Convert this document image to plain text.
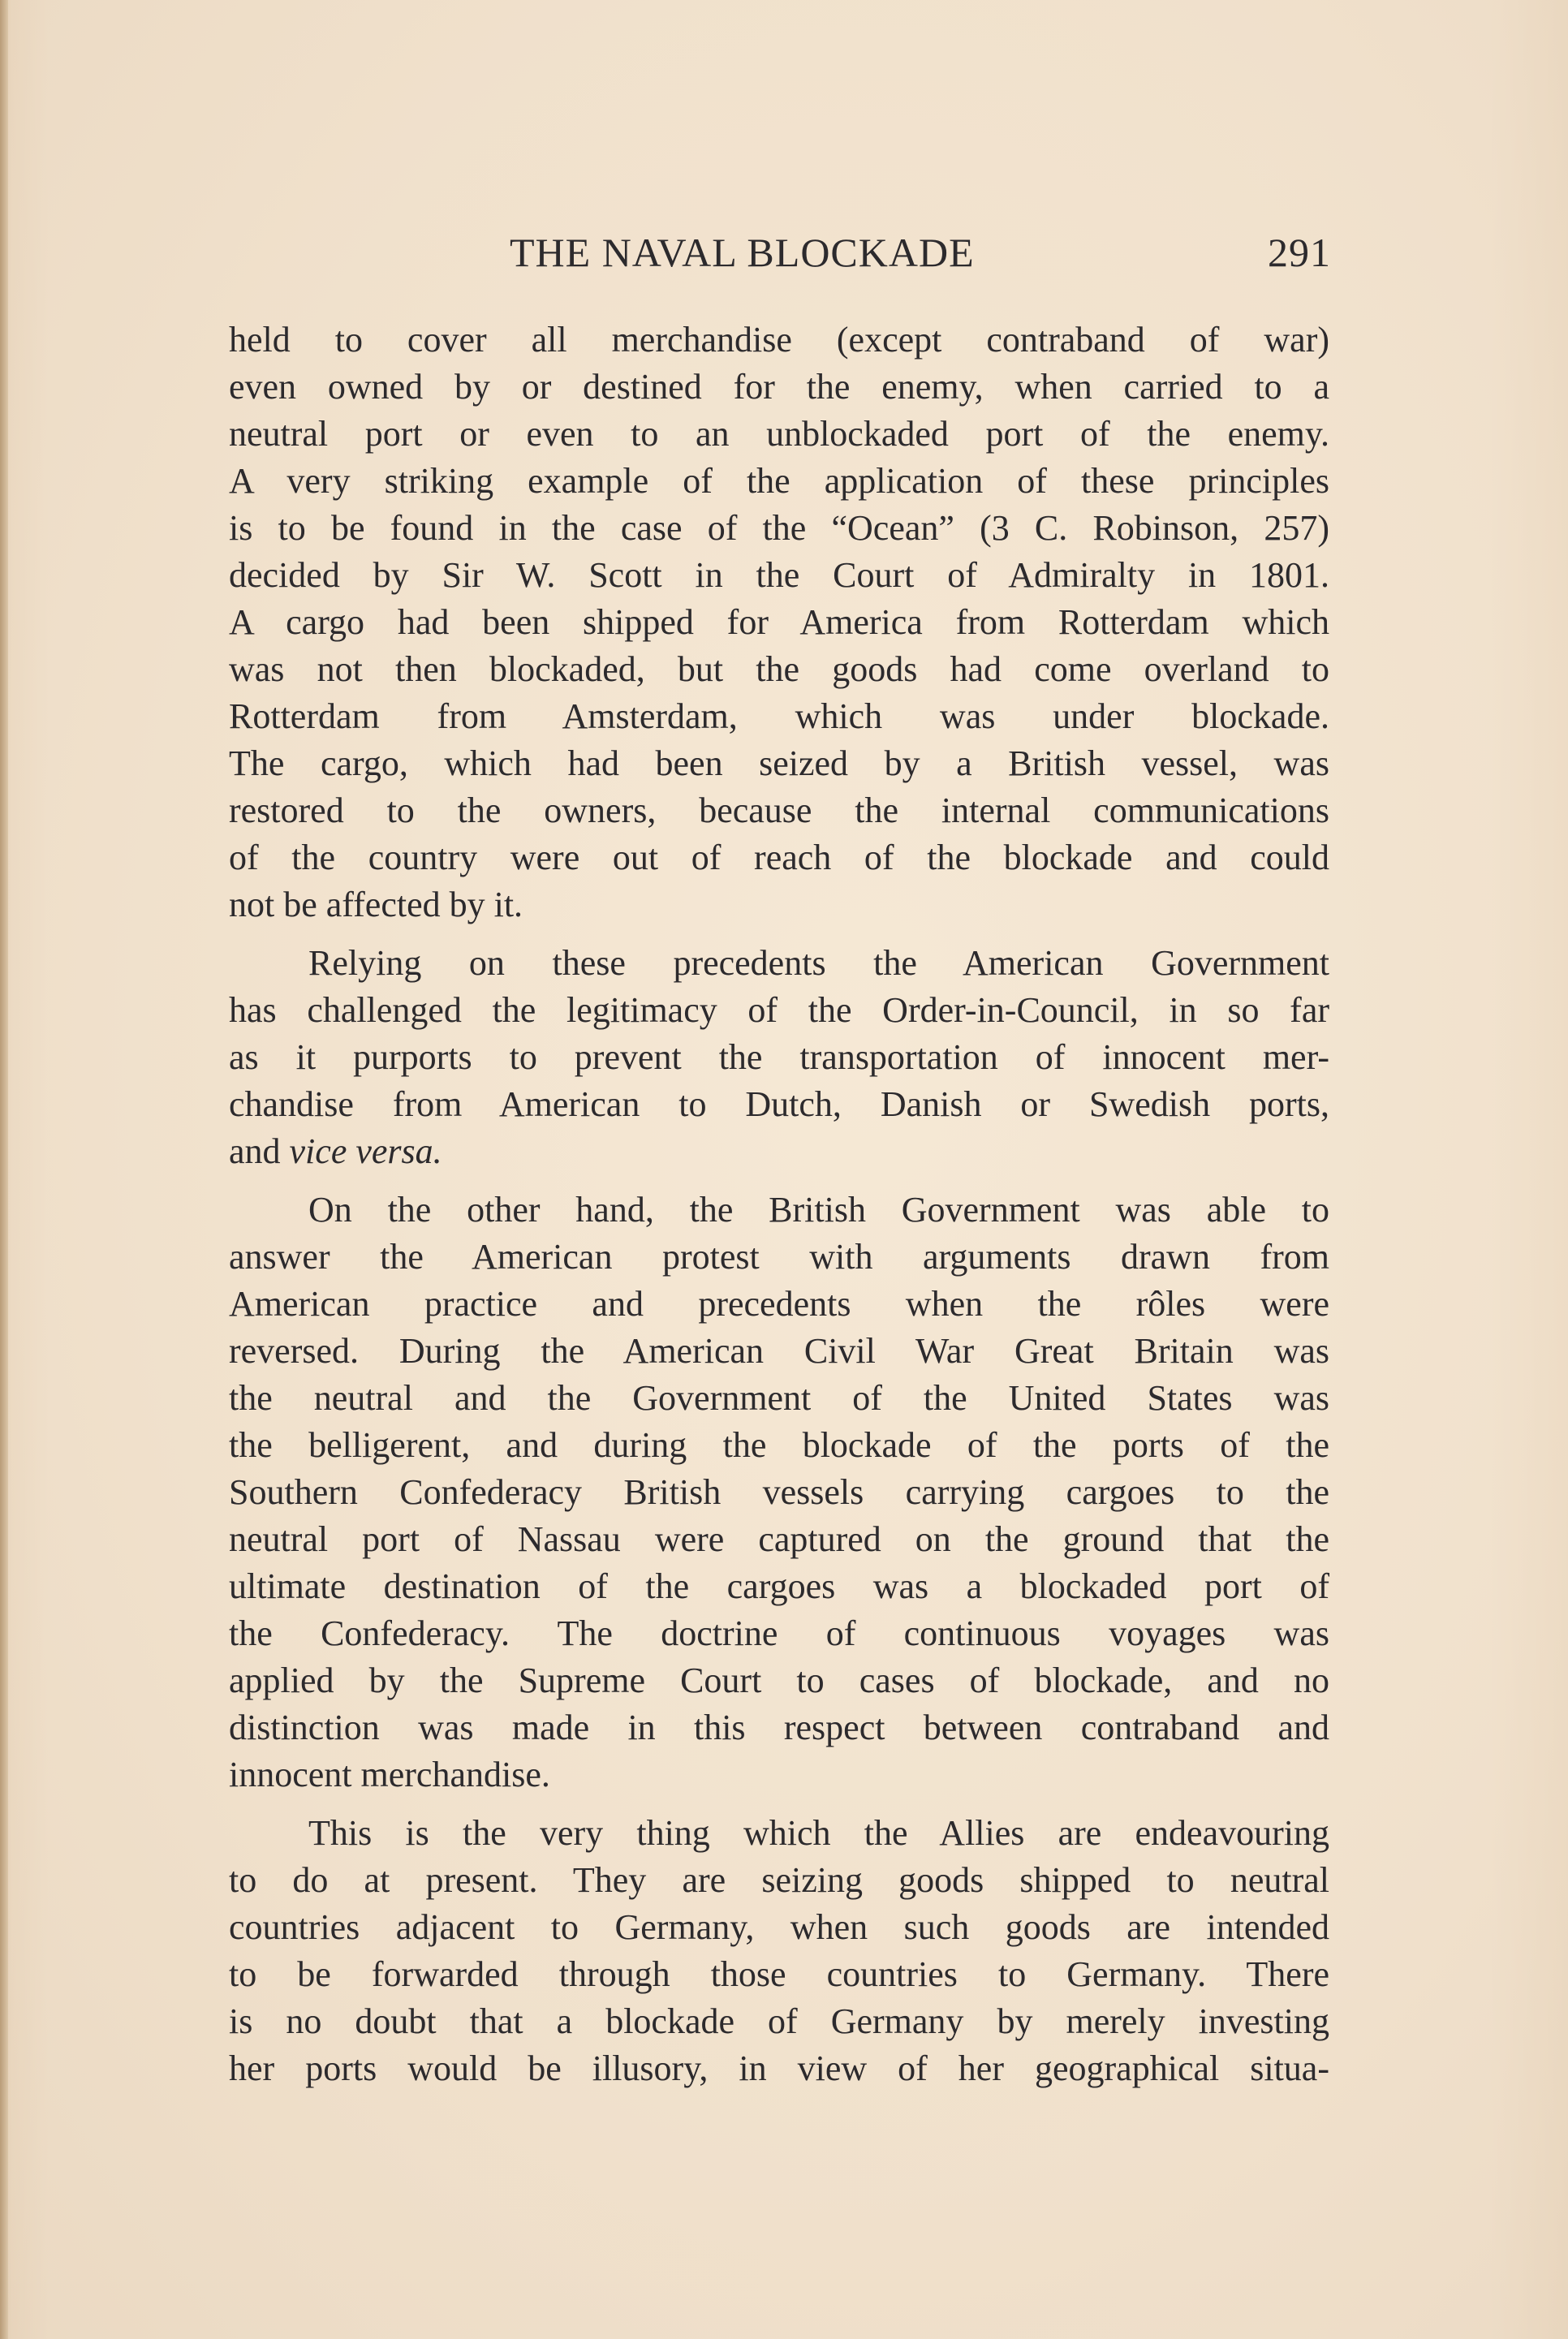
THE NAVAL BLOCKADE	291
held to cover all merchandise (except contraband of war)
even owned by or destined for the enemy, when carried to a
neutral port or even to an unblockaded port of the enemy.
A very striking example of the application of these principles
is to be found in the case of the “Ocean” (3 C. Robinson, 257)
decided by Sir W. Scott in the Court of Admiralty in 1801.
A cargo had been shipped for America from Rotterdam which
was not then blockaded, but the goods had come overland to
Rotterdam from Amsterdam, which was under blockade.
The cargo, which had been seized by a British vessel, was
restored to the owners, because the internal communications
of the country were out of reach of the blockade and could
not be affected by it.
Relying on these precedents the American Government
has challenged the legitimacy of the Order-in-Council, in so far
as it purports to prevent the transportation of innocent mer-
chandise from American to Dutch, Danish or Swedish ports,
and vice versa.
On the other hand, the British Government was able to
answer the American protest with arguments drawn from
American practice and precedents when the rôles were
reversed. During the American Civil War Great Britain was
the neutral and the Government of the United States was
the belligerent, and during the blockade of the ports of the
Southern Confederacy British vessels carrying cargoes to the
neutral port of Nassau were captured on the ground that the
ultimate destination of the cargoes was a blockaded port of
the Confederacy. The doctrine of continuous voyages was
applied by the Supreme Court to cases of blockade, and no
distinction was made in this respect between contraband and
innocent merchandise.
This is the very thing which the Allies are endeavouring
to do at present. They are seizing goods shipped to neutral
countries adjacent to Germany, when such goods are intended
to be forwarded through those countries to Germany. There
is no doubt that a blockade of Germany by merely investing
her ports would be illusory, in view of her geographical situa-
